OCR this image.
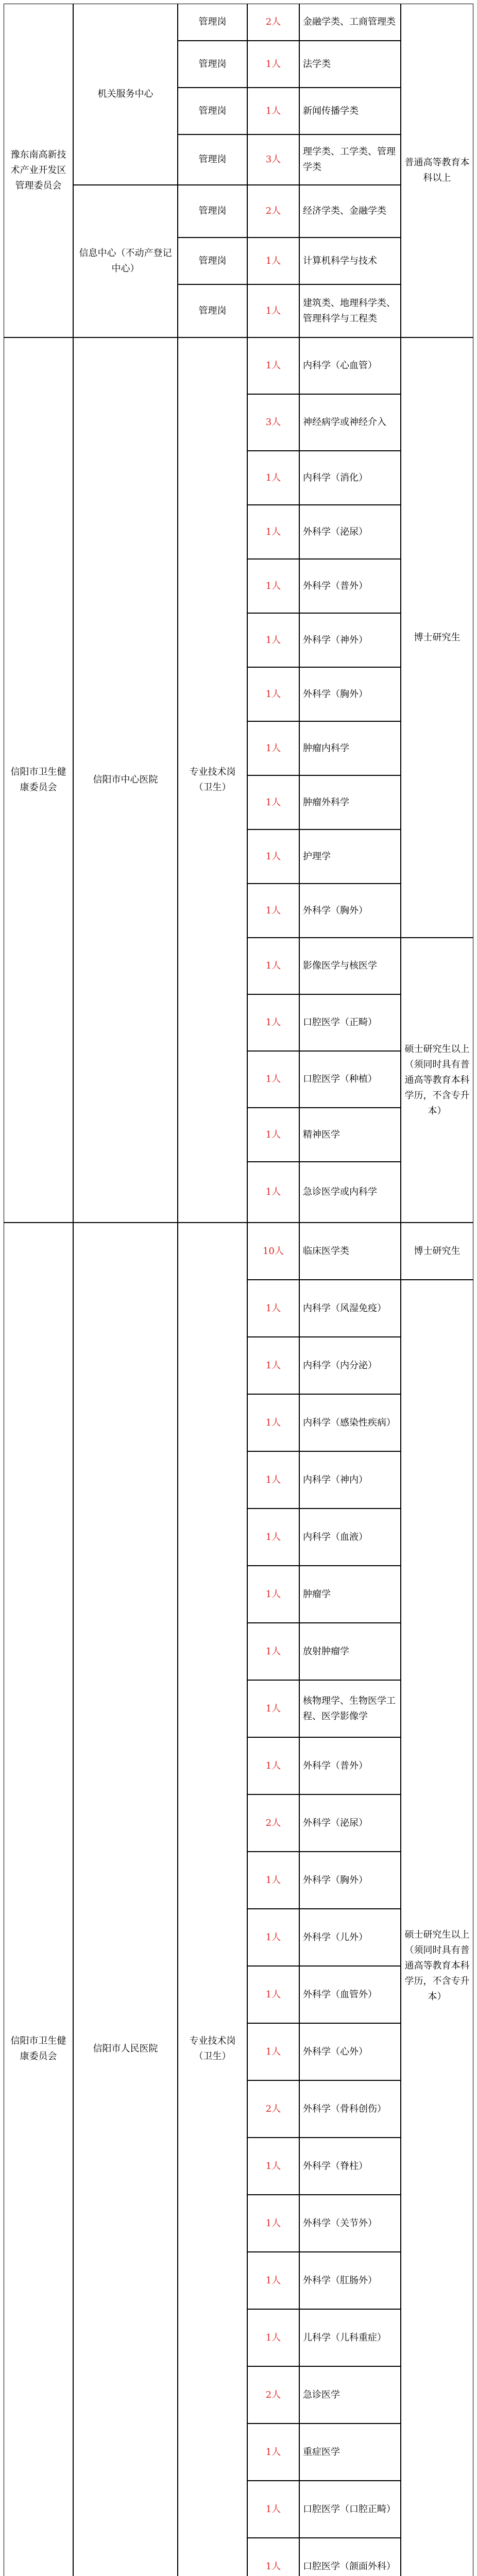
豫东南高新技术产业开发区管理委员会
信阳市卫生健康委员会
信阳市卫生健康委员会
机关服务中心
信息中心（不动产登记中心）
信阳市中心医院
信阳市人民医院
管理岗
管理岗
管理岗
管理岗
管理岗
管理岗
管理岗
专业技术岗（卫生）
专业技术岗（卫生）
2人
1人
1人
3人
2人
1人
1人
1人
3人
1人
1人
1人
1人
1人
1人
1人
1人
1人
1人
1人
1人
1人
1人
10人
1人
1人
1人
1人
1人
1人
1人
1人
1人
2人
1人
1人
1人
1人
2人
1人
1人
1人
1人
2人
1人
1人
1人
金融学类、工商管理类
法学类
新闻传播学类
理学类、工学类、管理学类
经济学类、金融学类
计算机科学与技术
建筑类、地理科学类、管理科学与工程类
内科学（心血管）
神经病学或神经介入
内科学（消化）
外科学（泌尿）
外科学（普外）
外科学（神外）
外科学（胸外）
肿瘤内科学
肿瘤外科学
护理学
外科学（胸外）
影像医学与核医学
口腔医学（正畸）
口腔医学（种植）
精神医学
急诊医学或内科学
临床医学类
内科学（风湿免疫）
内科学（内分泌）
内科学（感染性疾病）
内科学（神内）
内科学（血液）
肿瘤学
放射肿瘤学
核物理学、生物医学工程、医学影像学
外科学（普外）
外科学（泌尿）
外科学（胸外）
外科学（儿外）
外科学（血管外）
外科学（心外）
外科学（骨科创伤）
外科学（脊柱）
外科学（关节外）
外科学（肛肠外）
儿科学（儿科重症）
急诊医学
重症医学
口腔医学（口腔正畸）
口腔医学（颌面外科）
普通高等教育本科以上
博士研究生
硕士研究生以上（须同时具有普通高等教育本科学历，不含专升本）
博士研究生
硕士研究生以上（须同时具有普通高等教育本科学历，不含专升本）
